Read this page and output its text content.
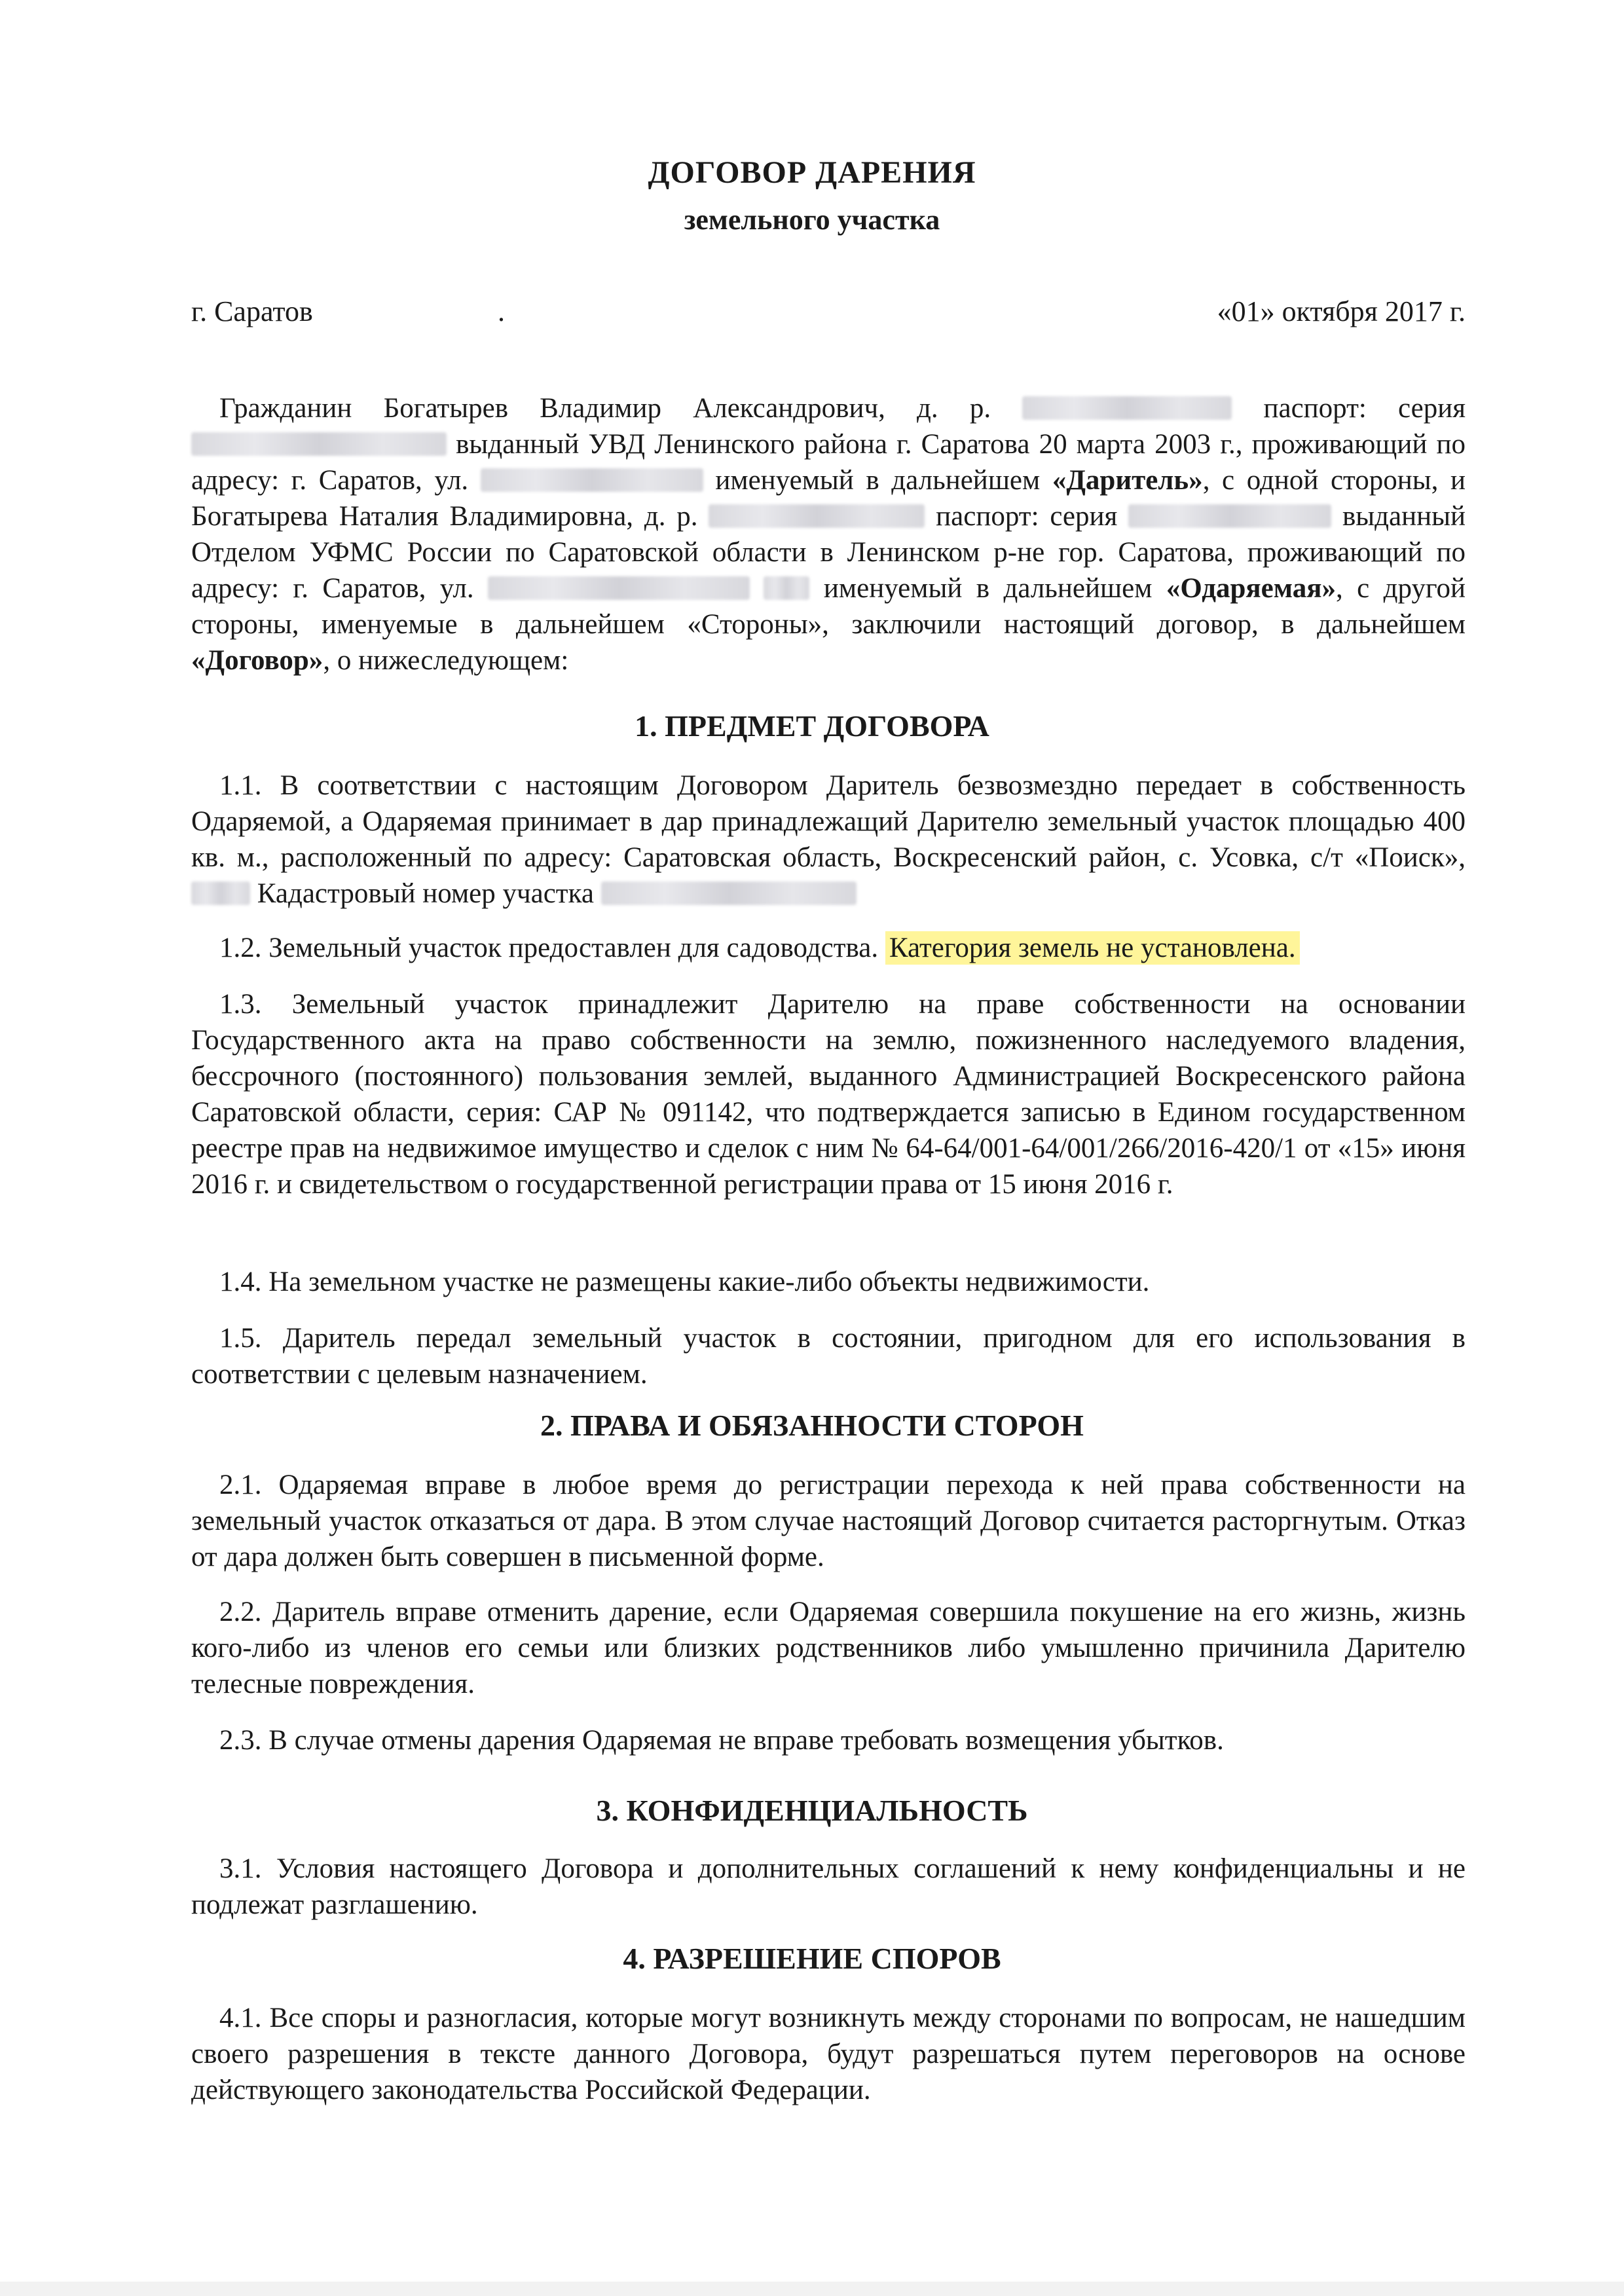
ДОГОВОР ДАРЕНИЯ
земельного участка
г. Саратов	.	«01» октября 2017 г.

 Гражданин Богатырев Владимир Александрович, д. р.	паспорт: серия  выданный УВД Ленинского района г. Саратова 20 марта 2003 г., проживающий по адресу: г. Саратов, ул.	именуемый в дальнейшем «Даритель», с одной стороны, и Богатырева Наталия Владимировна, д. р.	паспорт: серия	выданный Отделом УФМС России по Саратовской области в Ленинском р-не гор. Саратова, проживающий по адресу: г. Саратов, ул.	именуемый в дальнейшем «Одаряемая», с другой стороны, именуемые в дальнейшем «Стороны», заключили настоящий договор, в дальнейшем «Договор», о нижеследующем:

1. ПРЕДМЕТ ДОГОВОРА

 1.1. В соответствии с настоящим Договором Даритель безвозмездно передает в собственность Одаряемой, а Одаряемая принимает в дар принадлежащий Дарителю земельный участок площадью 400 кв. м., расположенный по адресу: Саратовская область, Воскресенский район, с. Усовка, с/т «Поиск»,  Кадастровый номер участка

 1.2. Земельный участок предоставлен для садоводства. Категория земель не установлена.

 1.3. Земельный участок принадлежит Дарителю на праве собственности на основании Государственного акта на право собственности на землю, пожизненного наследуемого владения, бессрочного (постоянного) пользования землей, выданного Администрацией Воскресенского района Саратовской области, серия: САР № 091142, что подтверждается записью в Едином государственном реестре прав на недвижимое имущество и сделок с ним № 64-64/001-64/001/266/2016-420/1 от «15» июня 2016 г. и свидетельством о государственной регистрации права от 15 июня 2016 г.

 1.4. На земельном участке не размещены какие-либо объекты недвижимости.

 1.5. Даритель передал земельный участок в состоянии, пригодном для его использования в соответствии с целевым назначением.

2. ПРАВА И ОБЯЗАННОСТИ СТОРОН

 2.1. Одаряемая вправе в любое время до регистрации перехода к ней права собственности на земельный участок отказаться от дара. В этом случае настоящий Договор считается расторгнутым. Отказ от дара должен быть совершен в письменной форме.

 2.2. Даритель вправе отменить дарение, если Одаряемая совершила покушение на его жизнь, жизнь кого-либо из членов его семьи или близких родственников либо умышленно причинила Дарителю телесные повреждения.

 2.3. В случае отмены дарения Одаряемая не вправе требовать возмещения убытков.

3. КОНФИДЕНЦИАЛЬНОСТЬ

 3.1. Условия настоящего Договора и дополнительных соглашений к нему конфиденциальны и не подлежат разглашению.

4. РАЗРЕШЕНИЕ СПОРОВ

 4.1. Все споры и разногласия, которые могут возникнуть между сторонами по вопросам, не нашедшим своего разрешения в тексте данного Договора, будут разрешаться путем переговоров на основе действующего законодательства Российской Федерации.
